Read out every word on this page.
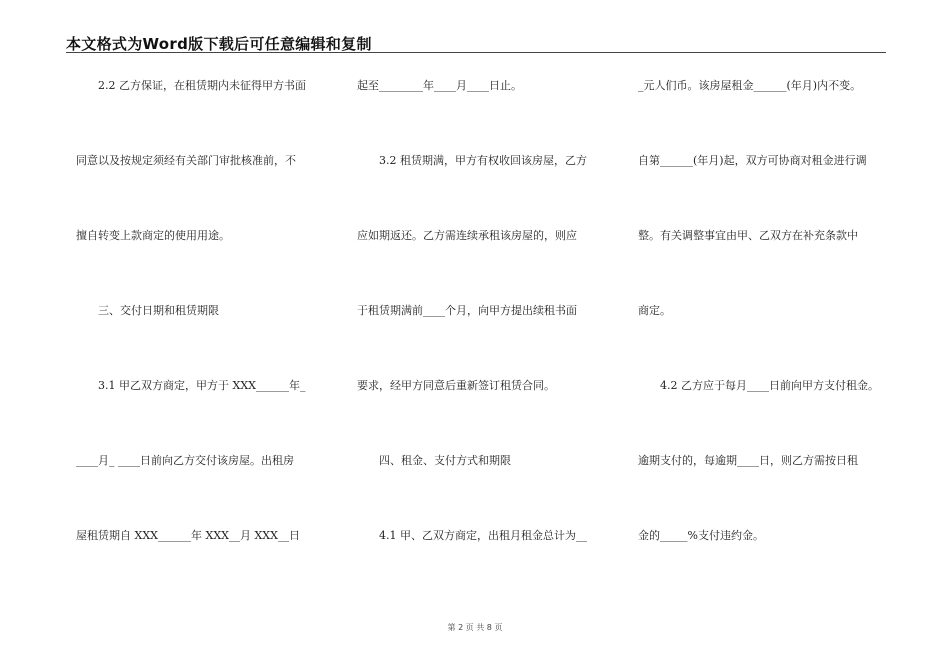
本文格式为Word版下载后可任意编辑和复制
　　2.2 乙方保证，在租赁期内未征得甲方书面
同意以及按规定须经有关部门审批核准前，不
擅自转变上款商定的使用用途。
　　三、交付日期和租赁期限
　　3.1 甲乙双方商定，甲方于 XXX______年_
____月_ ____日前向乙方交付该房屋。出租房
屋租赁期自 XXX______年 XXX__月 XXX__日
起至________年____月____日止。
　　3.2 租赁期满，甲方有权收回该房屋，乙方
应如期返还。乙方需连续承租该房屋的，则应
于租赁期满前____个月，向甲方提出续租书面
要求，经甲方同意后重新签订租赁合同。
　　四、租金、支付方式和期限
　　4.1 甲、乙双方商定，出租月租金总计为__
_元人们币。该房屋租金______(年月)内不变。
自第______(年月)起，双方可协商对租金进行调
整。有关调整事宜由甲、乙双方在补充条款中
商定。
　　4.2 乙方应于每月____日前向甲方支付租金。
逾期支付的，每逾期____日，则乙方需按日租
金的_____%支付违约金。
第 2 页 共 8 页
